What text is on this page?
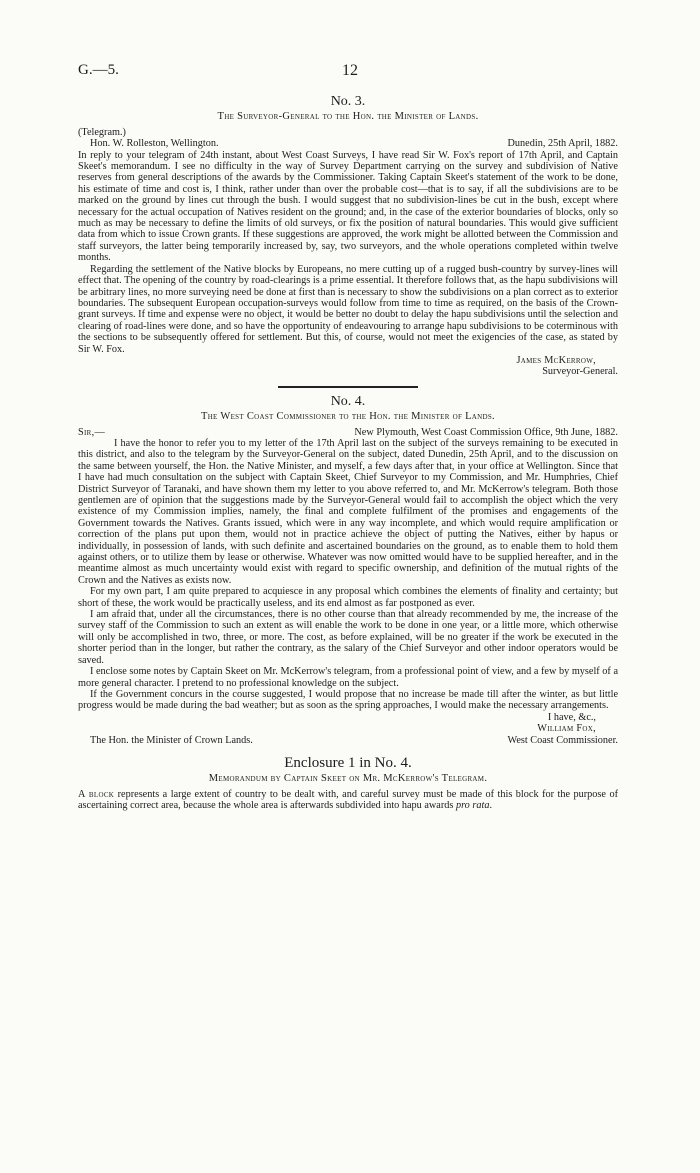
G.—5.	12
No. 3.
The Surveyor-General to the Hon. the Minister of Lands.
(Telegram.)
Hon. W. Rolleston, Wellington.	Dunedin, 25th April, 1882.

In reply to your telegram of 24th instant, about West Coast Surveys, I have read Sir W. Fox's report of 17th April, and Captain Skeet's memorandum. I see no difficulty in the way of Survey Department carrying on the survey and subdivision of Native reserves from general descriptions of the awards by the Commissioner. Taking Captain Skeet's statement of the work to be done, his estimate of time and cost is, I think, rather under than over the probable cost—that is to say, if all the subdivisions are to be marked on the ground by lines cut through the bush. I would suggest that no subdivision-lines be cut in the bush, except where necessary for the actual occupation of Natives resident on the ground; and, in the case of the exterior boundaries of blocks, only so much as may be necessary to define the limits of old surveys, or fix the position of natural boundaries. This would give sufficient data from which to issue Crown grants. If these suggestions are approved, the work might be allotted between the Commission and staff surveyors, the latter being temporarily increased by, say, two surveyors, and the whole operations completed within twelve months.

Regarding the settlement of the Native blocks by Europeans, no mere cutting up of a rugged bush-country by survey-lines will effect that. The opening of the country by road-clearings is a prime essential. It therefore follows that, as the hapu subdivisions will be arbitrary lines, no more surveying need be done at first than is necessary to show the subdivisions on a plan correct as to exterior boundaries. The subsequent European occupation-surveys would follow from time to time as required, on the basis of the Crown-grant surveys. If time and expense were no object, it would be better no doubt to delay the hapu subdivisions until the selection and clearing of road-lines were done, and so have the opportunity of endeavouring to arrange hapu subdivisions to be coterminous with the sections to be subsequently offered for settlement. But this, of course, would not meet the exigencies of the case, as stated by Sir W. Fox.

James McKerrow,
Surveyor-General.
No. 4.
The West Coast Commissioner to the Hon. the Minister of Lands.
Sir,—	New Plymouth, West Coast Commission Office, 9th June, 1882.

I have the honor to refer you to my letter of the 17th April last on the subject of the surveys remaining to be executed in this district, and also to the telegram by the Surveyor-General on the subject, dated Dunedin, 25th April, and to the discussion on the same between yourself, the Hon. the Native Minister, and myself, a few days after that, in your office at Wellington. Since that I have had much consultation on the subject with Captain Skeet, Chief Surveyor to my Commission, and Mr. Humphries, Chief District Surveyor of Taranaki, and have shown them my letter to you above referred to, and Mr. McKerrow's telegram. Both those gentlemen are of opinion that the suggestions made by the Surveyor-General would fail to accomplish the object which the very existence of my Commission implies, namely, the final and complete fulfilment of the promises and engagements of the Government towards the Natives. Grants issued, which were in any way incomplete, and which would require amplification or correction of the plans put upon them, would not in practice achieve the object of putting the Natives, either by hapus or individually, in possession of lands, with such definite and ascertained boundaries on the ground, as to enable them to hold them against others, or to utilize them by lease or otherwise. Whatever was now omitted would have to be supplied hereafter, and in the meantime almost as much uncertainty would exist with regard to specific ownership, and definition of the mutual rights of the Crown and the Natives as exists now.

For my own part, I am quite prepared to acquiesce in any proposal which combines the elements of finality and certainty; but short of these, the work would be practically useless, and its end almost as far postponed as ever.

I am afraid that, under all the circumstances, there is no other course than that already recommended by me, the increase of the survey staff of the Commission to such an extent as will enable the work to be done in one year, or a little more, which otherwise will only be accomplished in two, three, or more. The cost, as before explained, will be no greater if the work be executed in the shorter period than in the longer, but rather the contrary, as the salary of the Chief Surveyor and other indoor operators would be saved.

I enclose some notes by Captain Skeet on Mr. McKerrow's telegram, from a professional point of view, and a few by myself of a more general character. I pretend to no professional knowledge on the subject.

If the Government concurs in the course suggested, I would propose that no increase be made till after the winter, as but little progress would be made during the bad weather; but as soon as the spring approaches, I would make the necessary arrangements.

I have, &c.,
William Fox,
The Hon. the Minister of Crown Lands.	West Coast Commissioner.
Enclosure 1 in No. 4.
Memorandum by Captain Skeet on Mr. McKerrow's Telegram.

A block represents a large extent of country to be dealt with, and careful survey must be made of this block for the purpose of ascertaining correct area, because the whole area is afterwards subdivided into hapu awards pro rata.
